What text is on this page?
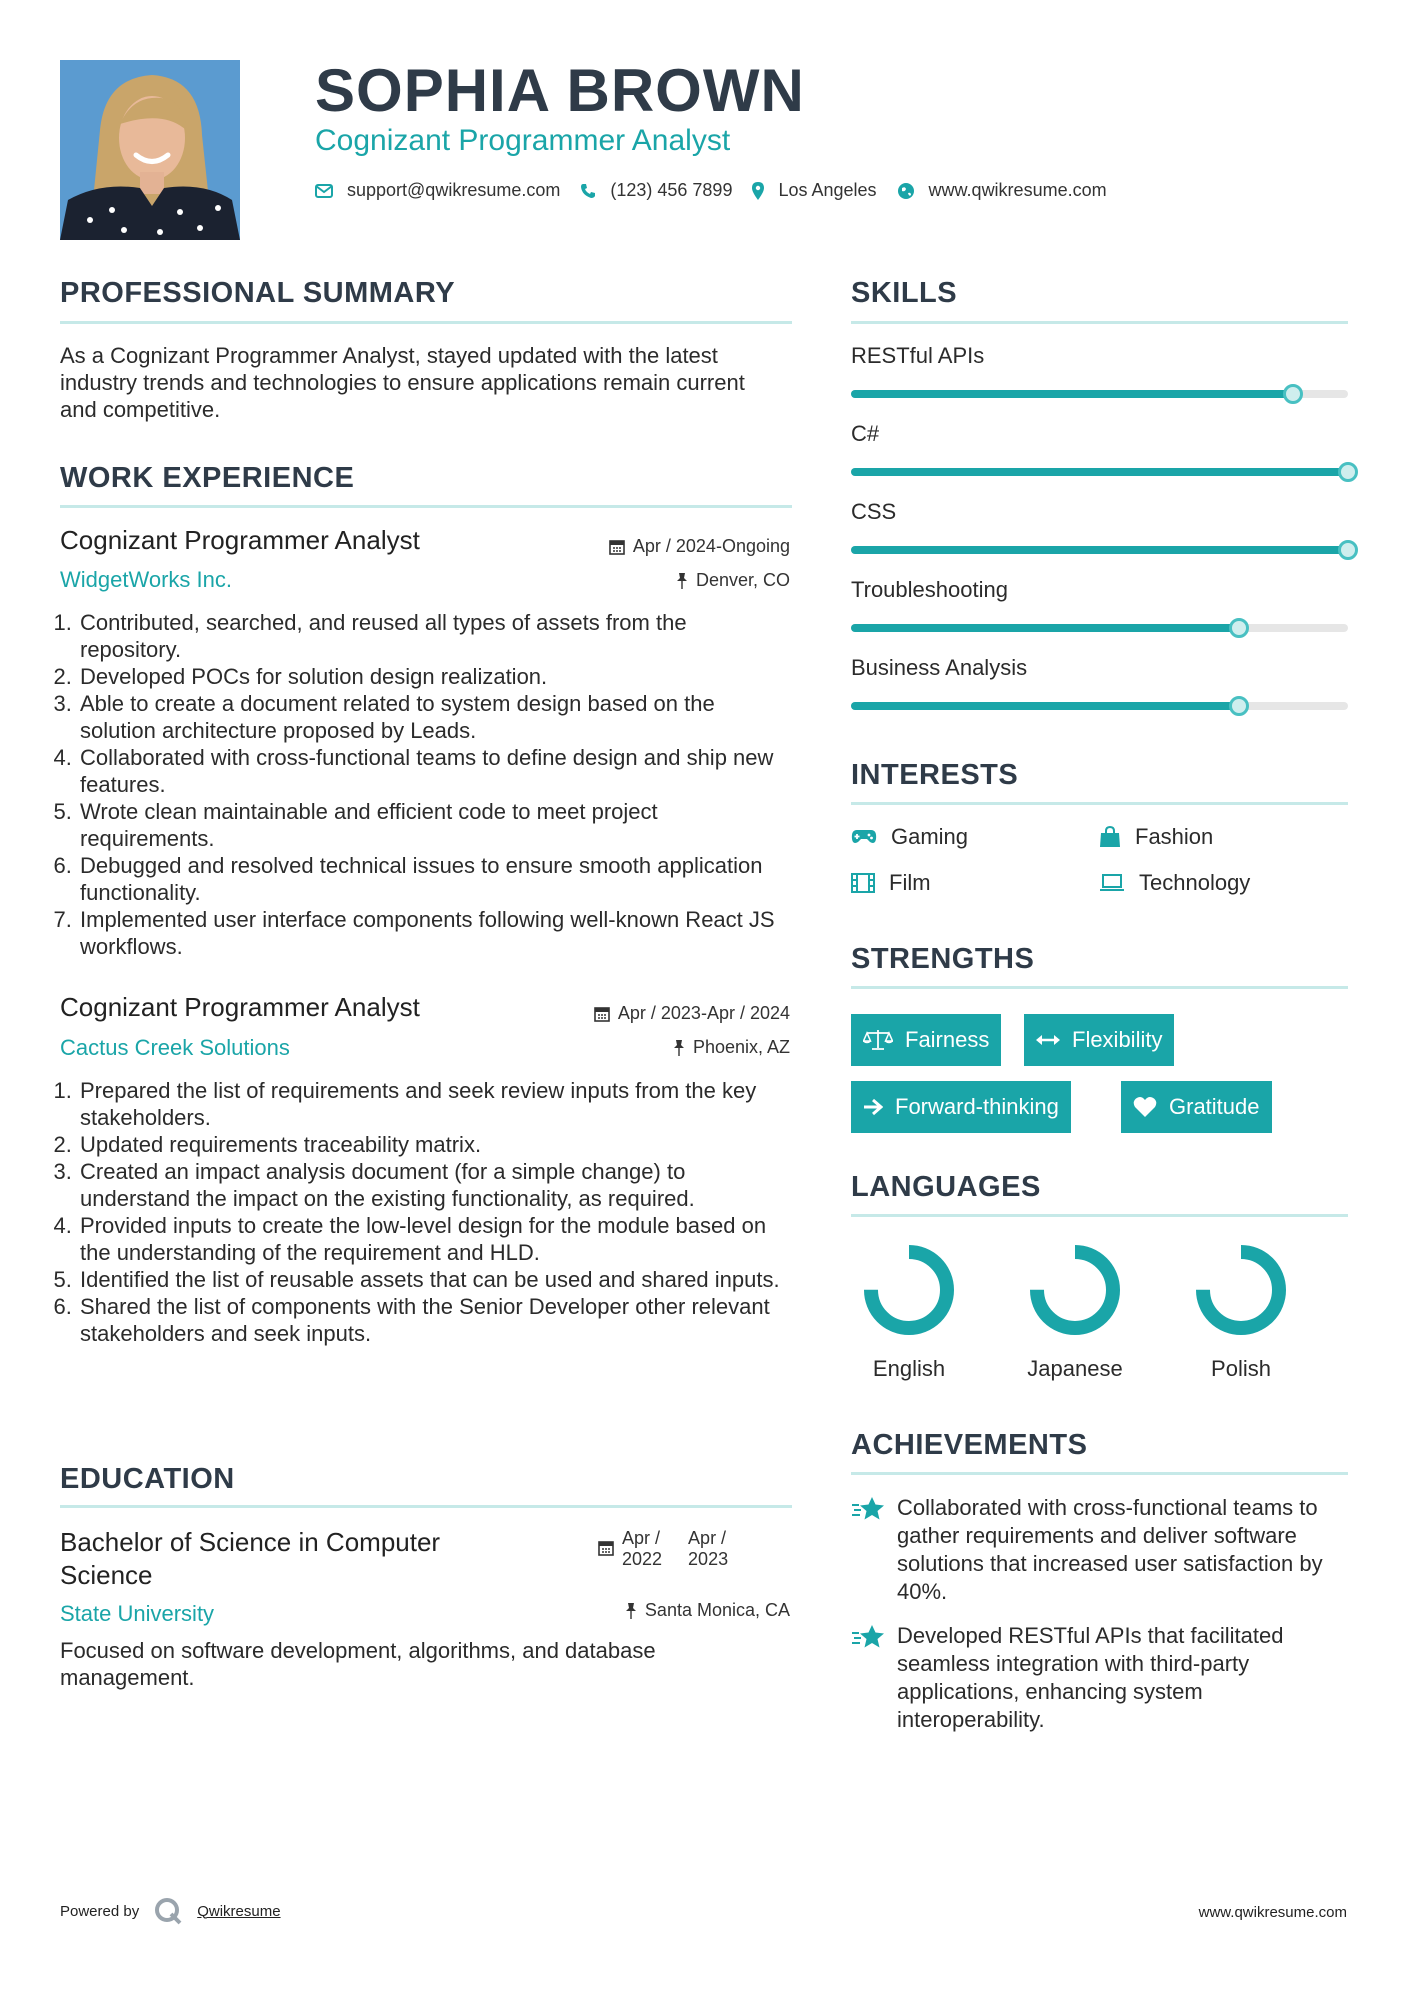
SOPHIA BROWN
Cognizant Programmer Analyst
support@qwikresume.com	(123) 456 7899	Los Angeles	www.qwikresume.com
PROFESSIONAL SUMMARY
As a Cognizant Programmer Analyst, stayed updated with the latest industry trends and technologies to ensure applications remain current and competitive.
WORK EXPERIENCE
Cognizant Programmer Analyst
WidgetWorks Inc.
Apr / 2024-Ongoing
Denver, CO
1. Contributed, searched, and reused all types of assets from the repository.
2. Developed POCs for solution design realization.
3. Able to create a document related to system design based on the solution architecture proposed by Leads.
4. Collaborated with cross-functional teams to define design and ship new features.
5. Wrote clean maintainable and efficient code to meet project requirements.
6. Debugged and resolved technical issues to ensure smooth application functionality.
7. Implemented user interface components following well-known React JS workflows.
Cognizant Programmer Analyst
Cactus Creek Solutions
Apr / 2023-Apr / 2024
Phoenix, AZ
1. Prepared the list of requirements and seek review inputs from the key stakeholders.
2. Updated requirements traceability matrix.
3. Created an impact analysis document (for a simple change) to understand the impact on the existing functionality, as required.
4. Provided inputs to create the low-level design for the module based on the understanding of the requirement and HLD.
5. Identified the list of reusable assets that can be used and shared inputs.
6. Shared the list of components with the Senior Developer other relevant stakeholders and seek inputs.
EDUCATION
Bachelor of Science in Computer
Science
State University
Apr /
2022
Apr /
2023
Santa Monica, CA
Focused on software development, algorithms, and database management.
SKILLS
RESTful APIs
C#
CSS
Troubleshooting
Business Analysis
INTERESTS
Gaming	Fashion
Film	Technology
STRENGTHS
Fairness	Flexibility
Forward-thinking	Gratitude
LANGUAGES
English	Japanese	Polish
ACHIEVEMENTS
Collaborated with cross-functional teams to gather requirements and deliver software solutions that increased user satisfaction by 40%.
Developed RESTful APIs that facilitated seamless integration with third-party applications, enhancing system interoperability.
Powered by	Qwikresume	www.qwikresume.com
